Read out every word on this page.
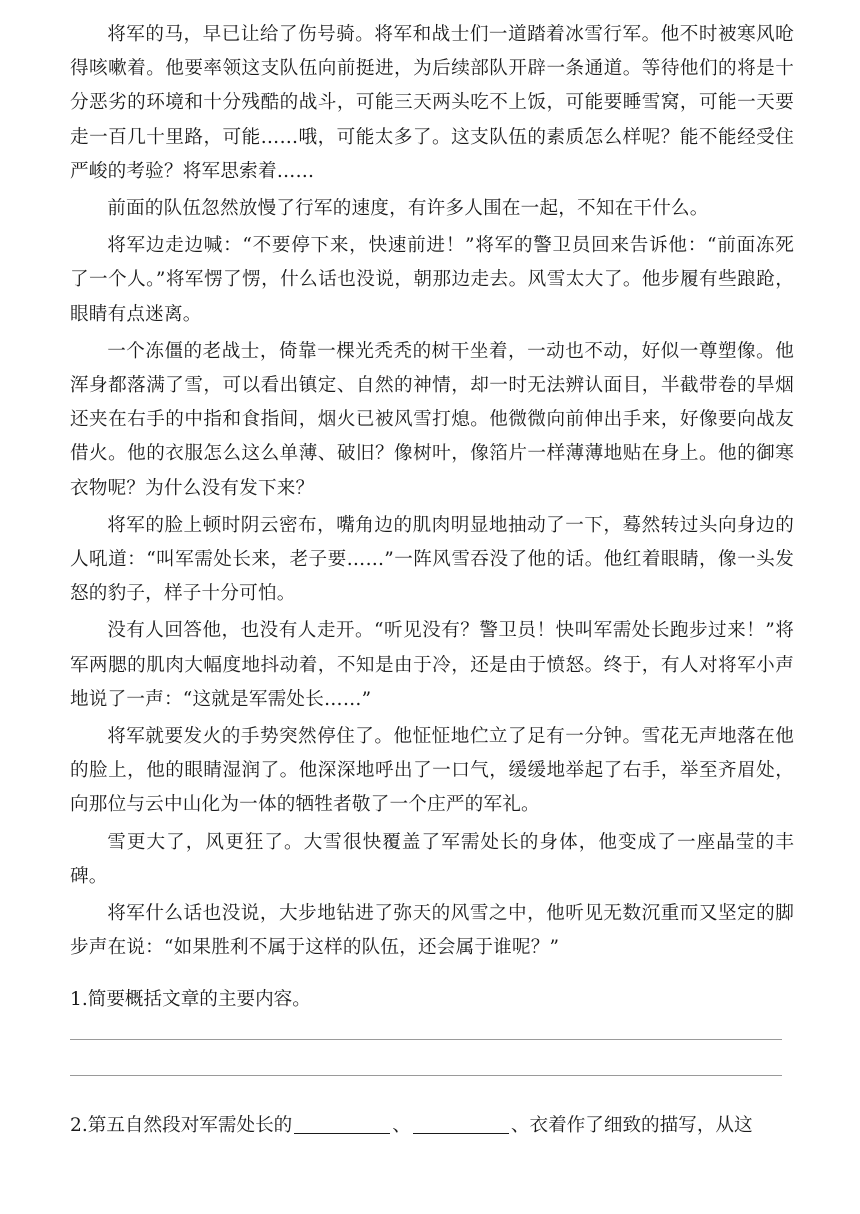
将军的马，早已让给了伤号骑。将军和战士们一道踏着冰雪行军。他不时被寒风呛得咳嗽着。他要率领这支队伍向前挺进，为后续部队开辟一条通道。等待他们的将是十分恶劣的环境和十分残酷的战斗，可能三天两头吃不上饭，可能要睡雪窝，可能一天要走一百几十里路，可能……哦，可能太多了。这支队伍的素质怎么样呢？能不能经受住严峻的考验？将军思索着……

前面的队伍忽然放慢了行军的速度，有许多人围在一起，不知在干什么。

将军边走边喊：“不要停下来，快速前进！”将军的警卫员回来告诉他：“前面冻死了一个人。”将军愣了愣，什么话也没说，朝那边走去。风雪太大了。他步履有些踉跄，眼睛有点迷离。

一个冻僵的老战士，倚靠一棵光秃秃的树干坐着，一动也不动，好似一尊塑像。他浑身都落满了雪，可以看出镇定、自然的神情，却一时无法辨认面目，半截带卷的旱烟还夹在右手的中指和食指间，烟火已被风雪打熄。他微微向前伸出手来，好像要向战友借火。他的衣服怎么这么单薄、破旧？像树叶，像箔片一样薄薄地贴在身上。他的御寒衣物呢？为什么没有发下来？

将军的脸上顿时阴云密布，嘴角边的肌肉明显地抽动了一下，蓦然转过头向身边的人吼道：“叫军需处长来，老子要……”一阵风雪吞没了他的话。他红着眼睛，像一头发怒的豹子，样子十分可怕。

没有人回答他，也没有人走开。“听见没有？警卫员！快叫军需处长跑步过来！”将军两腮的肌肉大幅度地抖动着，不知是由于冷，还是由于愤怒。终于，有人对将军小声地说了一声：“这就是军需处长……”

将军就要发火的手势突然停住了。他怔怔地伫立了足有一分钟。雪花无声地落在他的脸上，他的眼睛湿润了。他深深地呼出了一口气，缓缓地举起了右手，举至齐眉处，向那位与云中山化为一体的牺牲者敬了一个庄严的军礼。

雪更大了，风更狂了。大雪很快覆盖了军需处长的身体，他变成了一座晶莹的丰碑。

将军什么话也没说，大步地钻进了弥天的风雪之中，他听见无数沉重而又坚定的脚步声在说：“如果胜利不属于这样的队伍，还会属于谁呢？”

1.简要概括文章的主要内容。

2.第五自然段对军需处长的	、	、衣着作了细致的描写，从这
